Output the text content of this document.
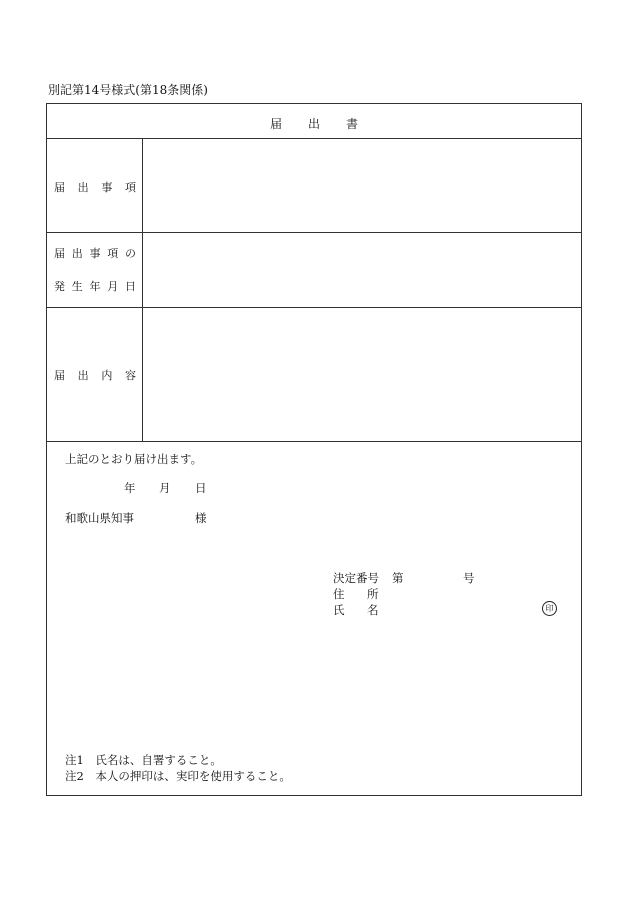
別記第14号様式(第18条関係)
届 出 書
届 出 事 項
届 出 事 項 の
発 生 年 月 日
届 出 内 容
上記のとおり届け出ます。
年 月 日
和歌山県知事	様
決定番号 第	号
住 所
氏 名	印
注1　氏名は、自署すること。
注2　本人の押印は、実印を使用すること。
